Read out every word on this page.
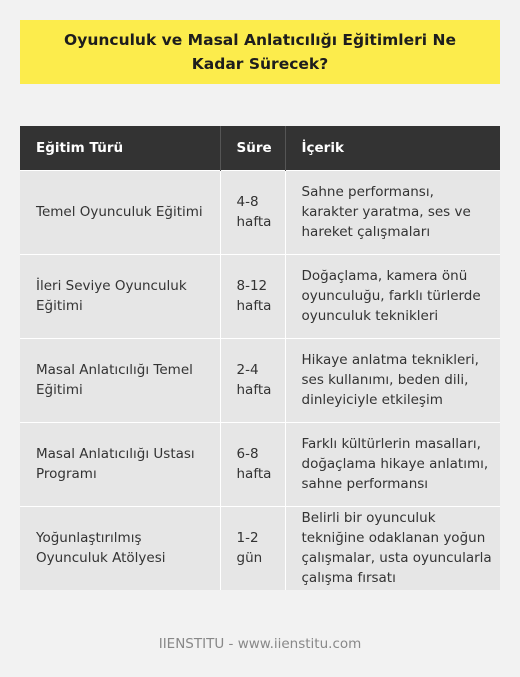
Oyunculuk ve Masal Anlatıcılığı Eğitimleri Ne Kadar Sürecek?
Eğitim Türü	Süre	İçerik
Temel Oyunculuk Eğitimi	4-8 hafta	Sahne performansı, karakter yaratma, ses ve hareket çalışmaları
İleri Seviye Oyunculuk Eğitimi	8-12 hafta	Doğaçlama, kamera önü oyunculuğu, farklı türlerde oyunculuk teknikleri
Masal Anlatıcılığı Temel Eğitimi	2-4 hafta	Hikaye anlatma teknikleri, ses kullanımı, beden dili, dinleyiciyle etkileşim
Masal Anlatıcılığı Ustası Programı	6-8 hafta	Farklı kültürlerin masalları, doğaçlama hikaye anlatımı, sahne performansı
Yoğunlaştırılmış Oyunculuk Atölyesi	1-2 gün	Belirli bir oyunculuk tekniğine odaklanan yoğun çalışmalar, usta oyuncularla çalışma fırsatı
IIENSTITU - www.iienstitu.com
